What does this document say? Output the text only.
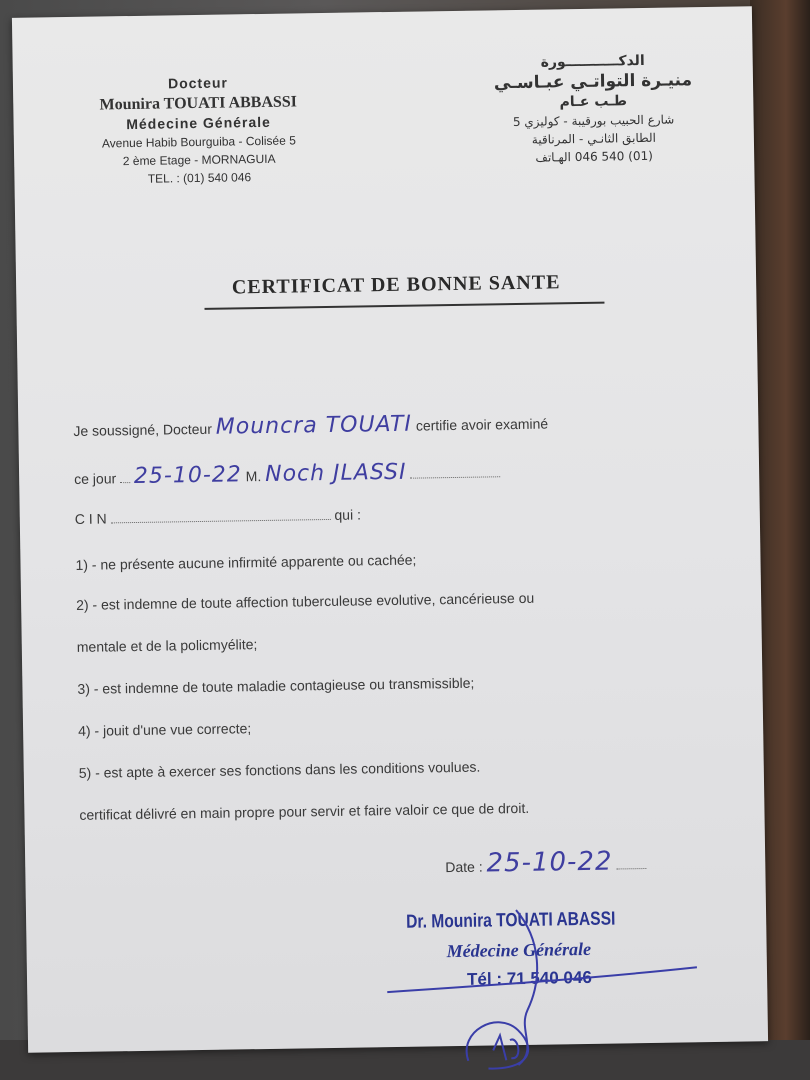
Docteur
Mounira TOUATI ABBASSI
Médecine Générale
Avenue Habib Bourguiba - Colisée 5
2 ème Etage - MORNAGUIA
TEL. : (01) 540 046
الدكـــــــــــورة
منيـرة التواتـي عبـاسـي
طـب عـام
شارع الحبيب بورقيبة - كوليزي 5
الطابق الثانـي - المرناقية
(01) 540 046 الهـاتف
CERTIFICAT DE BONNE SANTE
Je soussigné, Docteur Mouncra TOUATI certifie avoir examiné
ce jour 25-10-22 M. Noch JLASSI
C I N	qui :
1) - ne présente aucune infirmité apparente ou cachée;
2) - est indemne de toute affection tuberculeuse evolutive, cancérieuse ou
mentale et de la policmyélite;
3) - est indemne de toute maladie contagieuse ou transmissible;
4) - jouit d'une vue correcte;
5) - est apte à exercer ses fonctions dans les conditions voulues.
certificat délivré en main propre pour servir et faire valoir ce que de droit.
Date : 25-10-22
Dr. Mounira TOUATI ABASSI
Médecine Générale
Tél : 71 540 046
